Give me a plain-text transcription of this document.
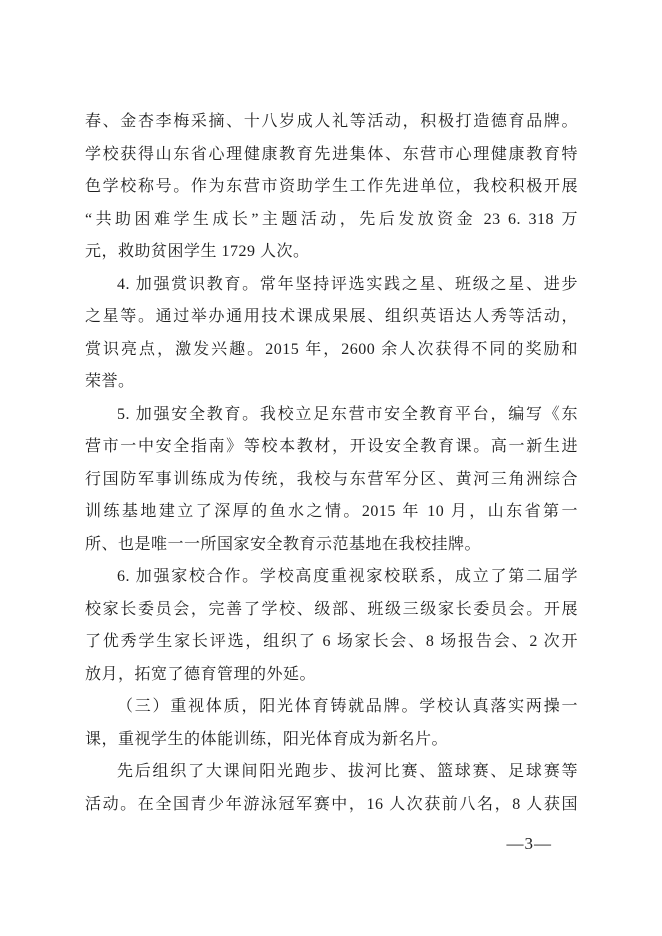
春、金杏李梅采摘、十八岁成人礼等活动，积极打造德育品牌。
学校获得山东省心理健康教育先进集体、东营市心理健康教育特
色学校称号。作为东营市资助学生工作先进单位，我校积极开展
“共助困难学生成长”主题活动，先后发放资金 23 6. 318 万
元，救助贫困学生 1729 人次。
4. 加强赏识教育。常年坚持评选实践之星、班级之星、进步
之星等。通过举办通用技术课成果展、组织英语达人秀等活动，
赏识亮点，激发兴趣。2015 年，2600 余人次获得不同的奖励和
荣誉。
5. 加强安全教育。我校立足东营市安全教育平台，编写《东
营市一中安全指南》等校本教材，开设安全教育课。高一新生进
行国防军事训练成为传统，我校与东营军分区、黄河三角洲综合
训练基地建立了深厚的鱼水之情。2015 年 10 月，山东省第一
所、也是唯一一所国家安全教育示范基地在我校挂牌。
6. 加强家校合作。学校高度重视家校联系，成立了第二届学
校家长委员会，完善了学校、级部、班级三级家长委员会。开展
了优秀学生家长评选，组织了 6 场家长会、8 场报告会、2 次开
放月，拓宽了德育管理的外延。
（三）重视体质，阳光体育铸就品牌。学校认真落实两操一
课，重视学生的体能训练，阳光体育成为新名片。
先后组织了大课间阳光跑步、拔河比赛、篮球赛、足球赛等
活动。在全国青少年游泳冠军赛中，16 人次获前八名，8 人获国
—3—
